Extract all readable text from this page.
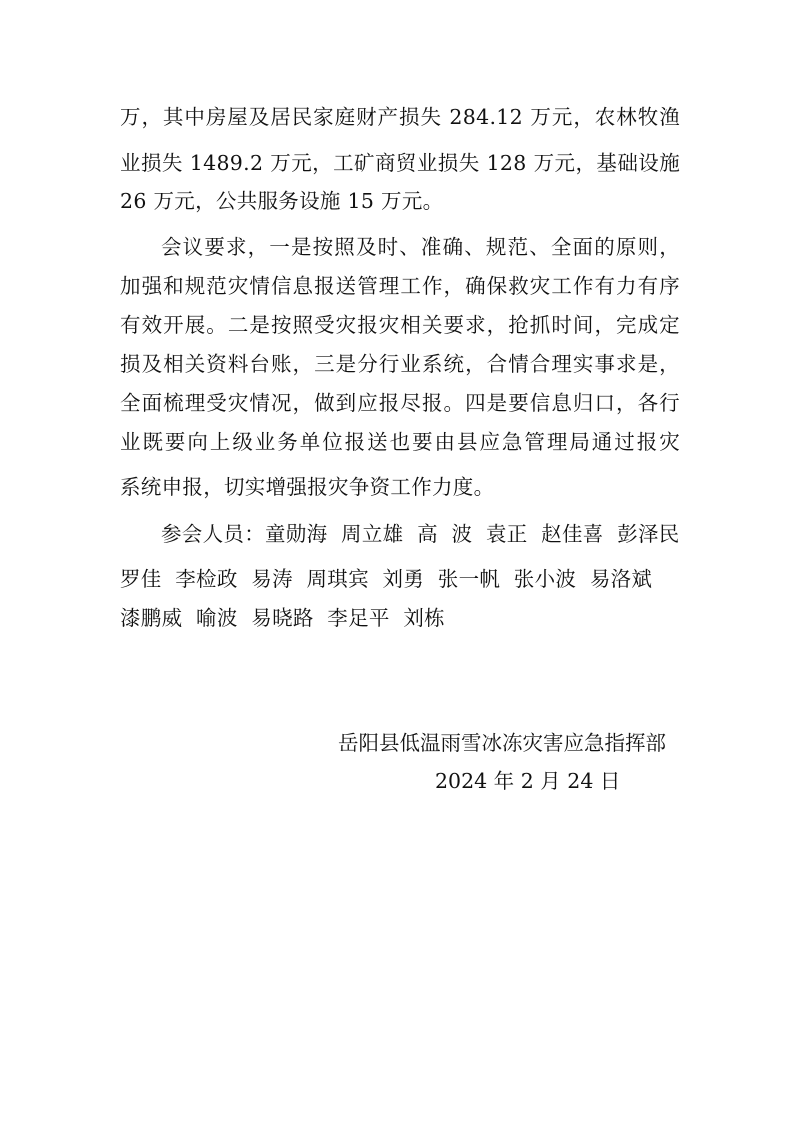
万，其中房屋及居民家庭财产损失 284.12 万元，农林牧渔
业损失 1489.2 万元，工矿商贸业损失 128 万元，基础设施
26 万元，公共服务设施 15 万元。
会议要求，一是按照及时、准确、规范、全面的原则，
加强和规范灾情信息报送管理工作，确保救灾工作有力有序
有效开展。二是按照受灾报灾相关要求，抢抓时间，完成定
损及相关资料台账，三是分行业系统，合情合理实事求是，
全面梳理受灾情况，做到应报尽报。四是要信息归口，各行
业既要向上级业务单位报送也要由县应急管理局通过报灾
系统申报，切实增强报灾争资工作力度。
参会人员：童勋海  周立雄  高  波  袁正  赵佳喜  彭泽民
罗佳  李检政  易涛  周琪宾  刘勇  张一帆  张小波  易洛斌
漆鹏威  喻波  易晓路  李足平  刘栋
岳阳县低温雨雪冰冻灾害应急指挥部
2024 年 2 月 24 日
